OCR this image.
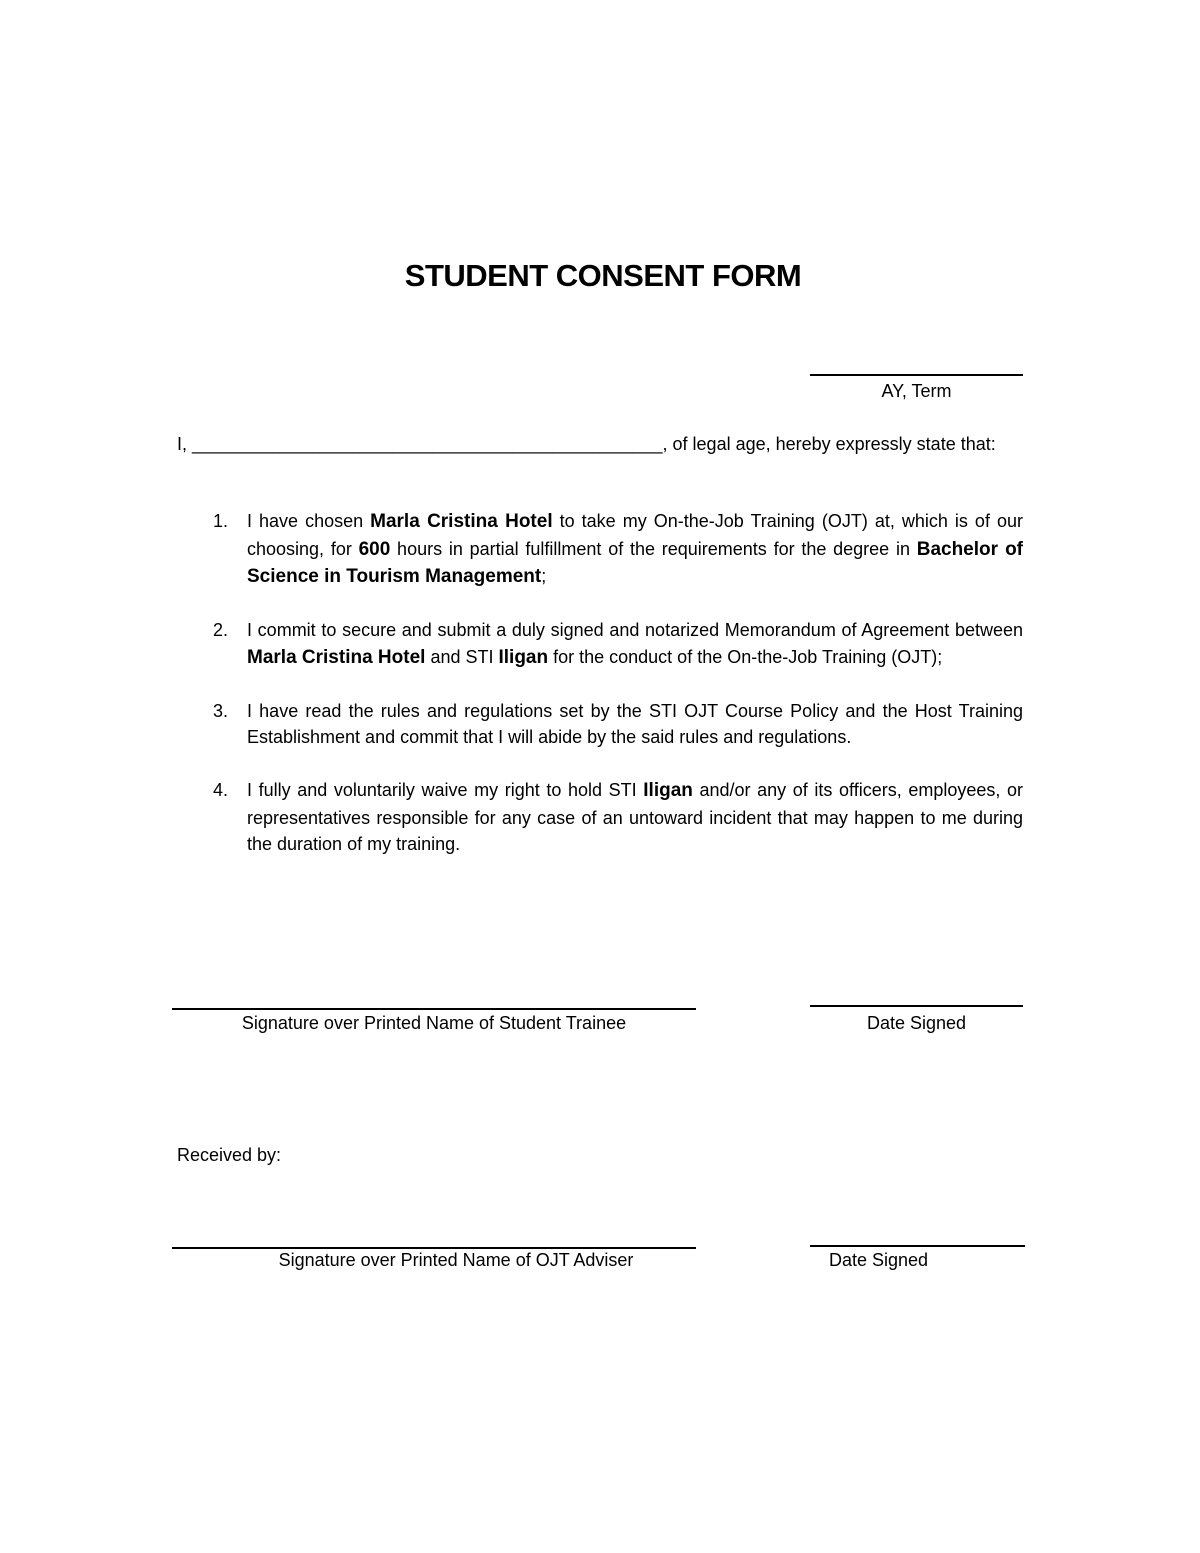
STUDENT CONSENT FORM
AY, Term
I, _______________________________________________, of legal age, hereby expressly state that:
1. I have chosen Marla Cristina Hotel to take my On-the-Job Training (OJT) at, which is of our choosing, for 600 hours in partial fulfillment of the requirements for the degree in Bachelor of Science in Tourism Management;
2. I commit to secure and submit a duly signed and notarized Memorandum of Agreement between Marla Cristina Hotel and STI Iligan for the conduct of the On-the-Job Training (OJT);
3. I have read the rules and regulations set by the STI OJT Course Policy and the Host Training Establishment and commit that I will abide by the said rules and regulations.
4. I fully and voluntarily waive my right to hold STI Iligan and/or any of its officers, employees, or representatives responsible for any case of an untoward incident that may happen to me during the duration of my training.
Signature over Printed Name of Student Trainee	Date Signed
Received by:
Signature over Printed Name of OJT Adviser	Date Signed
